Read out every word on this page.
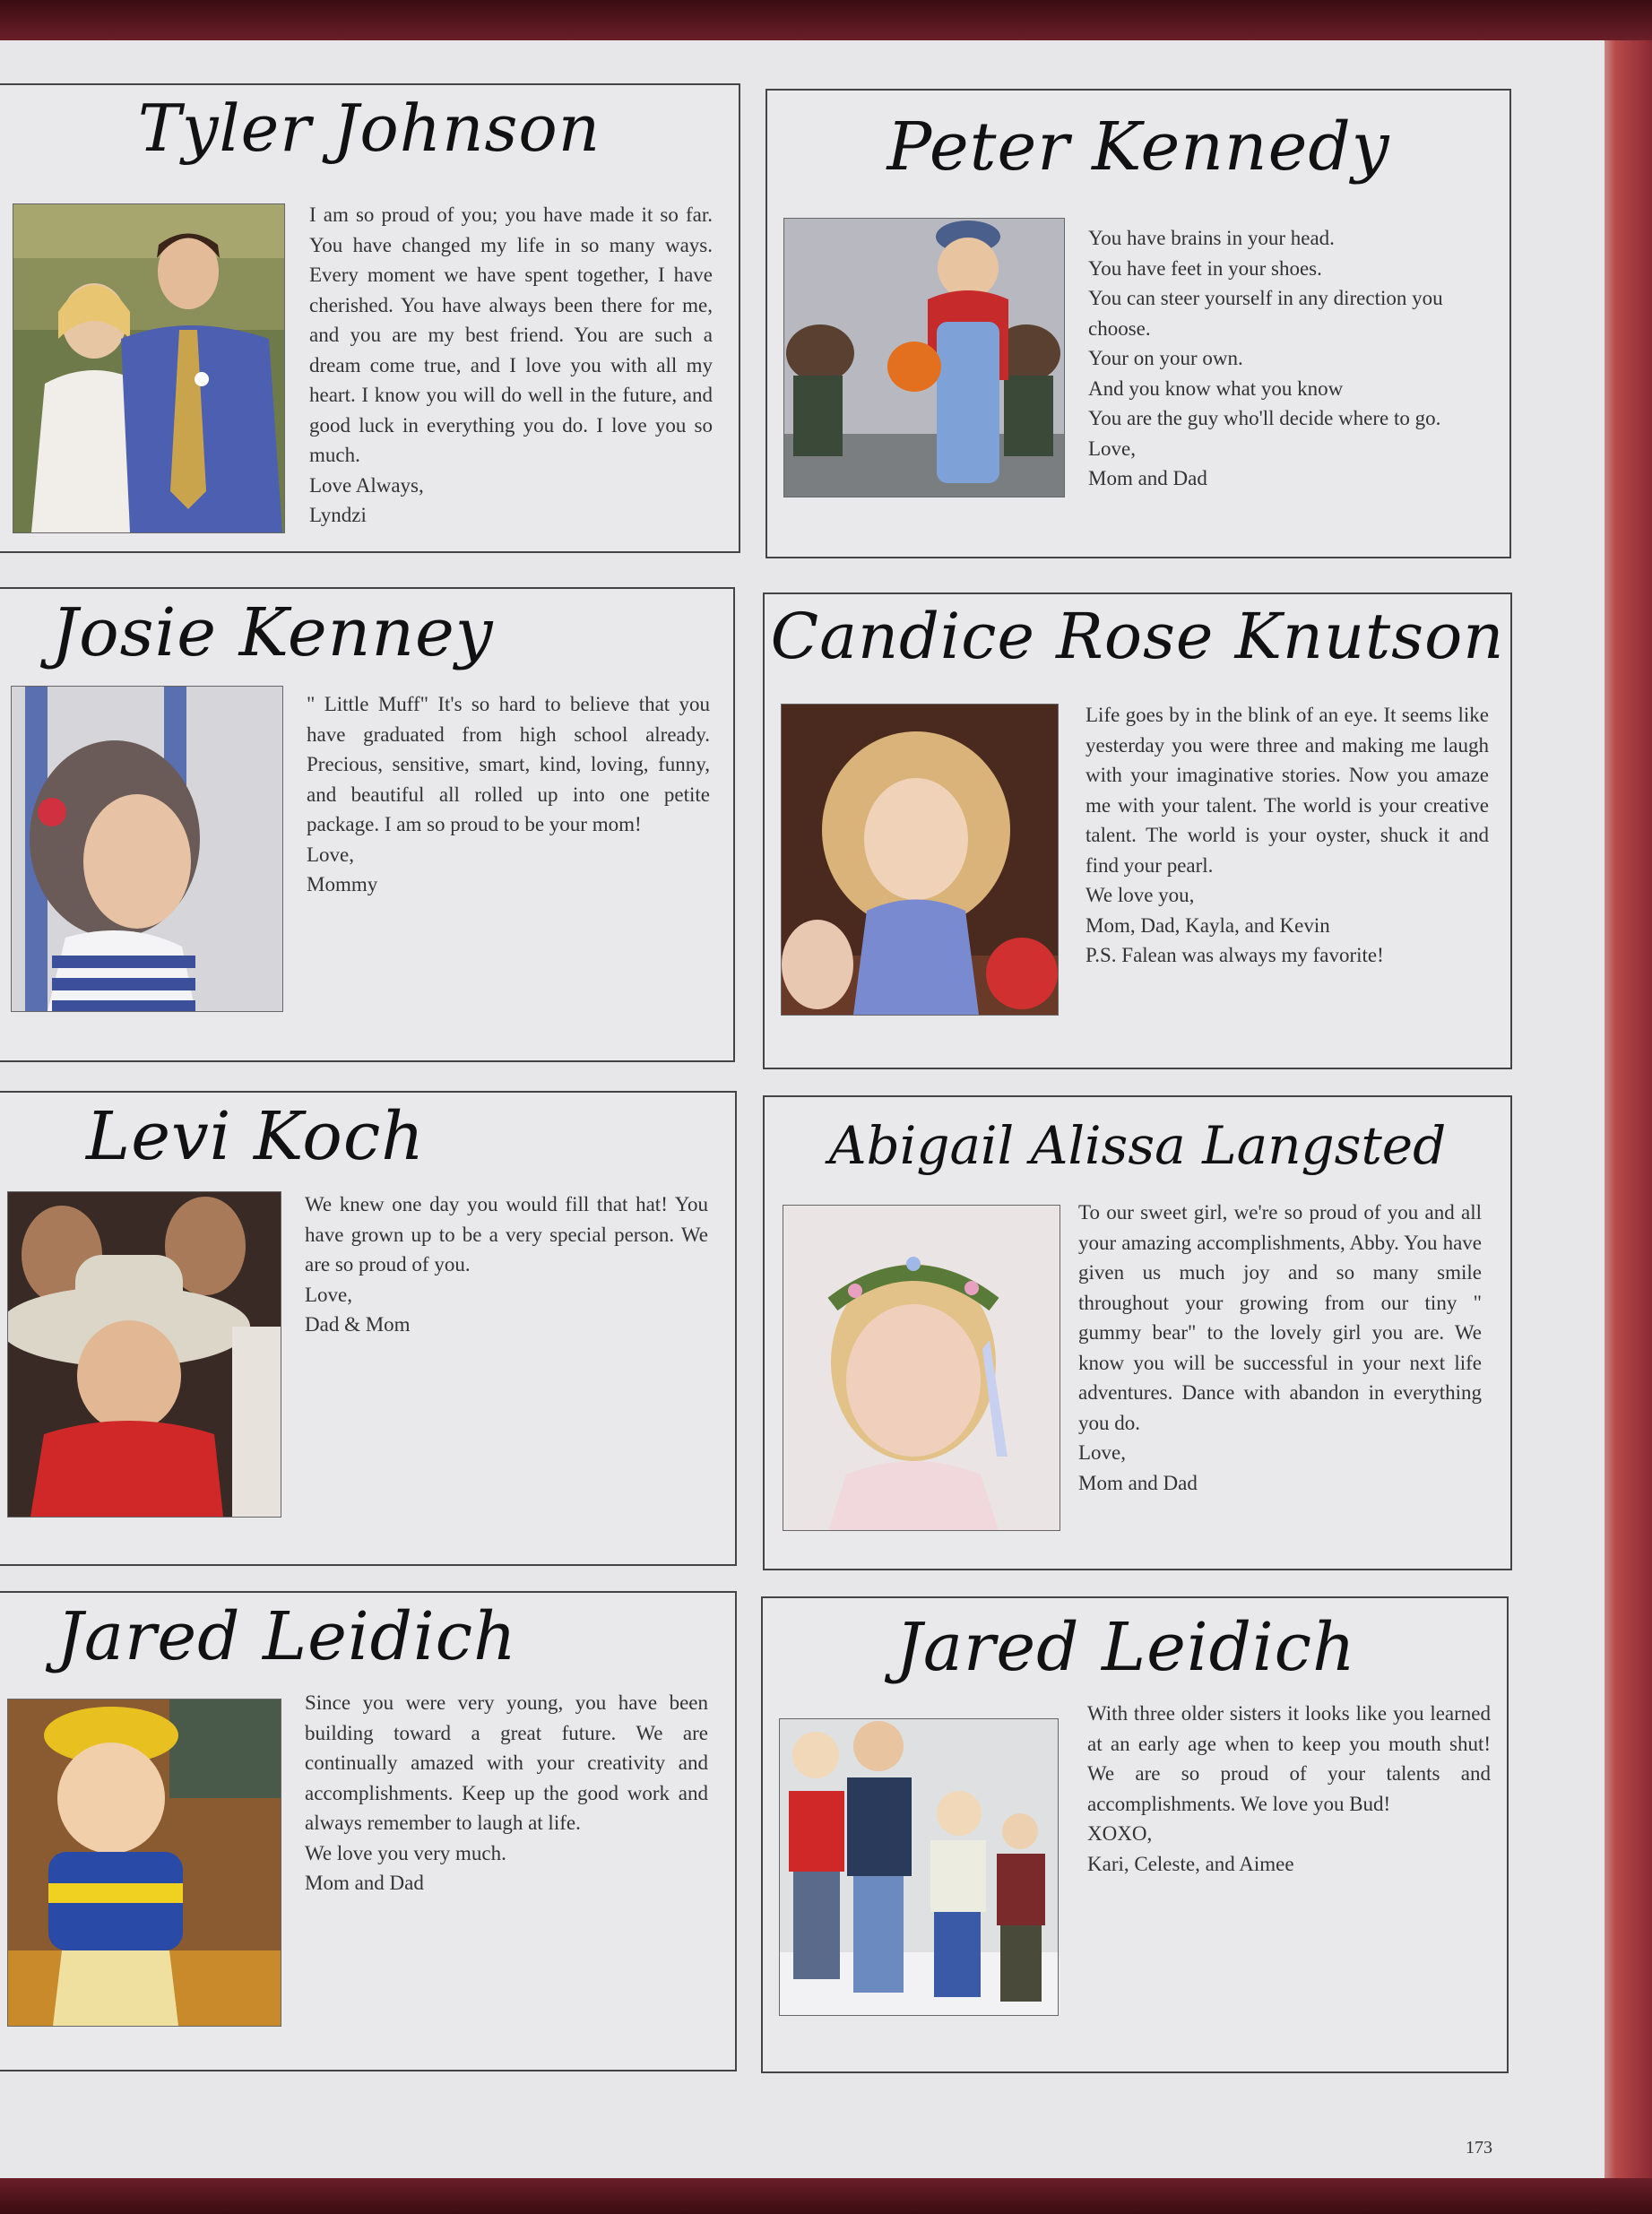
Tyler Johnson
I am so proud of you; you have made it so far. You have changed my life in so many ways. Every moment we have spent together, I have cherished. You have always been there for me, and you are my best friend. You are such a dream come true, and I love you with all my heart. I know you will do well in the future, and good luck in everything you do. I love you so much.
Love Always,
Lyndzi
Peter Kennedy
You have brains in your head.
You have feet in your shoes.
You can steer yourself in any direction you choose.
Your on your own.
And you know what you know
You are the guy who'll decide where to go.
Love,
Mom and Dad
Josie Kenney
" Little Muff" It's so hard to believe that you have graduated from high school already. Precious, sensitive, smart, kind, loving, funny, and beautiful all rolled up into one petite package. I am so proud to be your mom!
Love,
Mommy
Candice Rose Knutson
Life goes by in the blink of an eye. It seems like yesterday you were three and making me laugh with your imaginative stories. Now you amaze me with your talent. The world is your creative talent. The world is your oyster, shuck it and find your pearl.
We love you,
Mom, Dad, Kayla, and Kevin
P.S. Falean was always my favorite!
Levi Koch
We knew one day you would fill that hat! You have grown up to be a very special person. We are so proud of you.
Love,
Dad & Mom
Abigail Alissa Langsted
To our sweet girl, we're so proud of you and all your amazing accomplishments, Abby. You have given us much joy and so many smile throughout your growing from our tiny " gummy bear" to the lovely girl you are. We know you will be successful in your next life adventures. Dance with abandon in everything you do.
Love,
Mom and Dad
Jared Leidich
Since you were very young, you have been building toward a great future. We are continually amazed with your creativity and accomplishments. Keep up the good work and always remember to laugh at life.
We love you very much.
Mom and Dad
Jared Leidich
With three older sisters it looks like you learned at an early age when to keep you mouth shut! We are so proud of your talents and accomplishments. We love you Bud!
XOXO,
Kari, Celeste, and Aimee
173
